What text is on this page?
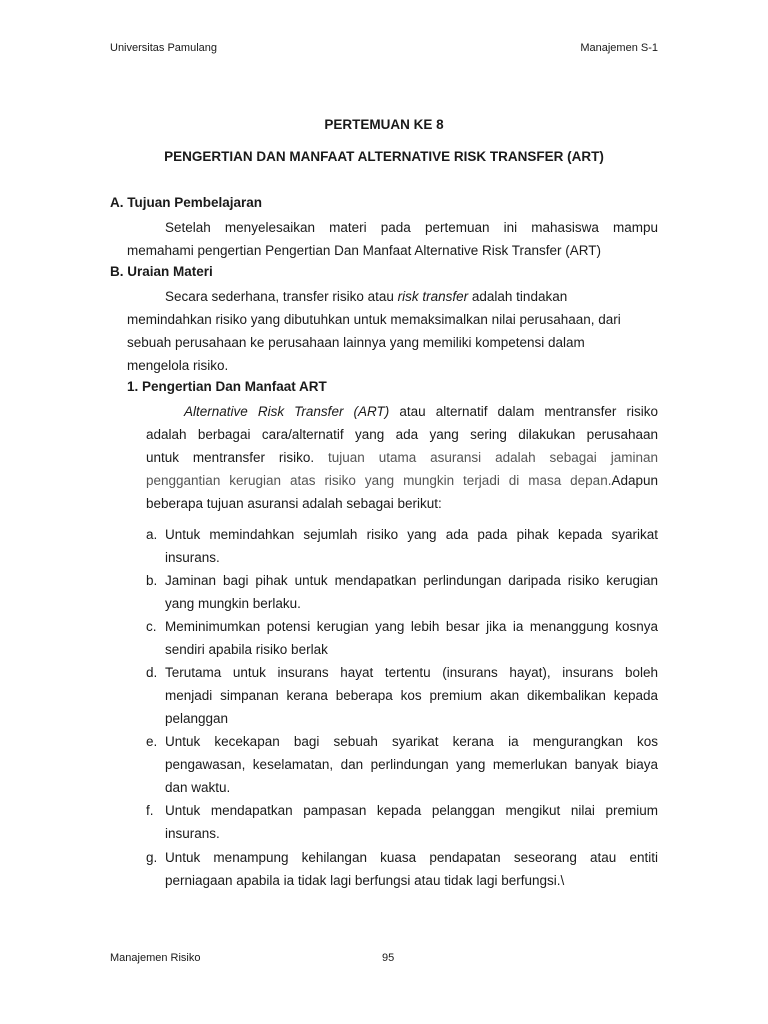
Universitas Pamulang	Manajemen S-1
PERTEMUAN KE 8
PENGERTIAN DAN MANFAAT ALTERNATIVE RISK TRANSFER (ART)
A. Tujuan Pembelajaran
Setelah menyelesaikan materi pada pertemuan ini mahasiswa mampu
memahami pengertian Pengertian Dan Manfaat Alternative Risk Transfer (ART)
B. Uraian Materi
Secara sederhana, transfer risiko atau risk transfer adalah tindakan
memindahkan risiko yang dibutuhkan untuk memaksimalkan nilai perusahaan, dari
sebuah perusahaan ke perusahaan lainnya yang memiliki kompetensi dalam
mengelola risiko.
1. Pengertian Dan Manfaat ART
Alternative Risk Transfer (ART) atau alternatif dalam mentransfer risiko
adalah berbagai cara/alternatif yang ada yang sering dilakukan perusahaan
untuk mentransfer risiko. tujuan utama asuransi adalah sebagai jaminan
penggantian kerugian atas risiko yang mungkin terjadi di masa depan.Adapun
beberapa tujuan asuransi adalah sebagai berikut:
a. Untuk memindahkan sejumlah risiko yang ada pada pihak kepada syarikat
insurans.
b. Jaminan bagi pihak untuk mendapatkan perlindungan daripada risiko kerugian
yang mungkin berlaku.
c. Meminimumkan potensi kerugian yang lebih besar jika ia menanggung kosnya
sendiri apabila risiko berlak
d. Terutama untuk insurans hayat tertentu (insurans hayat), insurans boleh
menjadi simpanan kerana beberapa kos premium akan dikembalikan kepada
pelanggan
e. Untuk kecekapan bagi sebuah syarikat kerana ia mengurangkan kos
pengawasan, keselamatan, dan perlindungan yang memerlukan banyak biaya
dan waktu.
f. Untuk mendapatkan pampasan kepada pelanggan mengikut nilai premium
insurans.
g. Untuk menampung kehilangan kuasa pendapatan seseorang atau entiti
perniagaan apabila ia tidak lagi berfungsi atau tidak lagi berfungsi.\
Manajemen Risiko	95
